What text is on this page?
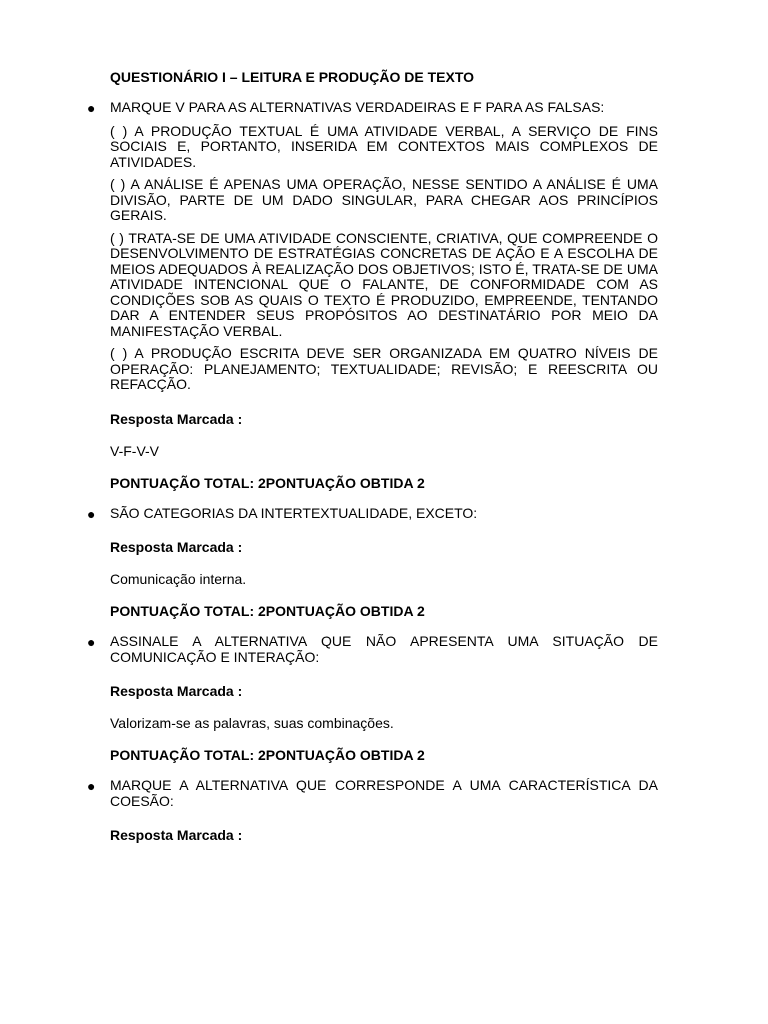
QUESTIONÁRIO I – LEITURA E PRODUÇÃO DE TEXTO
● MARQUE V PARA AS ALTERNATIVAS VERDADEIRAS E F PARA AS FALSAS:
( ) A PRODUÇÃO TEXTUAL É UMA ATIVIDADE VERBAL, A SERVIÇO DE FINS SOCIAIS E, PORTANTO, INSERIDA EM CONTEXTOS MAIS COMPLEXOS DE ATIVIDADES.
( ) A ANÁLISE É APENAS UMA OPERAÇÃO, NESSE SENTIDO A ANÁLISE É UMA DIVISÃO, PARTE DE UM DADO SINGULAR, PARA CHEGAR AOS PRINCÍPIOS GERAIS.
( ) TRATA-SE DE UMA ATIVIDADE CONSCIENTE, CRIATIVA, QUE COMPREENDE O DESENVOLVIMENTO DE ESTRATÉGIAS CONCRETAS DE AÇÃO E A ESCOLHA DE MEIOS ADEQUADOS À REALIZAÇÃO DOS OBJETIVOS; ISTO É, TRATA-SE DE UMA ATIVIDADE INTENCIONAL QUE O FALANTE, DE CONFORMIDADE COM AS CONDIÇÕES SOB AS QUAIS O TEXTO É PRODUZIDO, EMPREENDE, TENTANDO DAR A ENTENDER SEUS PROPÓSITOS AO DESTINATÁRIO POR MEIO DA MANIFESTAÇÃO VERBAL.
( ) A PRODUÇÃO ESCRITA DEVE SER ORGANIZADA EM QUATRO NÍVEIS DE OPERAÇÃO: PLANEJAMENTO; TEXTUALIDADE; REVISÃO; E REESCRITA OU REFACÇÃO.
Resposta Marcada :
V-F-V-V
PONTUAÇÃO TOTAL: 2PONTUAÇÃO OBTIDA 2
● SÃO CATEGORIAS DA INTERTEXTUALIDADE, EXCETO:
Resposta Marcada :
Comunicação interna.
PONTUAÇÃO TOTAL: 2PONTUAÇÃO OBTIDA 2
● ASSINALE A ALTERNATIVA QUE NÃO APRESENTA UMA SITUAÇÃO DE COMUNICAÇÃO E INTERAÇÃO:
Resposta Marcada :
Valorizam-se as palavras, suas combinações.
PONTUAÇÃO TOTAL: 2PONTUAÇÃO OBTIDA 2
● MARQUE A ALTERNATIVA QUE CORRESPONDE A UMA CARACTERÍSTICA DA COESÃO:
Resposta Marcada :
